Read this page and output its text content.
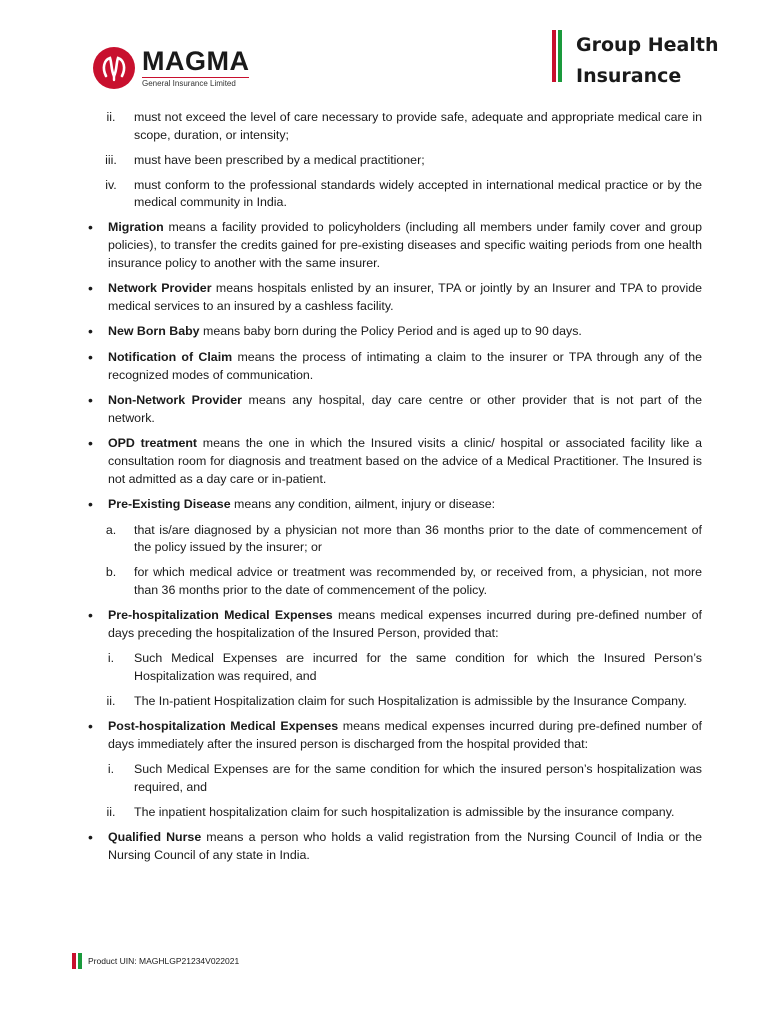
MAGMA
General Insurance Limited
Group Health
Insurance
ii.	must not exceed the level of care necessary to provide safe, adequate and appropriate medical care in scope, duration, or intensity;
iii.	must have been prescribed by a medical practitioner;
iv.	must conform to the professional standards widely accepted in international medical practice or by the medical community in India.
•	Migration means a facility provided to policyholders (including all members under family cover and group policies), to transfer the credits gained for pre-existing diseases and specific waiting periods from one health insurance policy to another with the same insurer.
•	Network Provider means hospitals enlisted by an insurer, TPA or jointly by an Insurer and TPA to provide medical services to an insured by a cashless facility.
•	New Born Baby means baby born during the Policy Period and is aged up to 90 days.
•	Notification of Claim means the process of intimating a claim to the insurer or TPA through any of the recognized modes of communication.
•	Non-Network Provider means any hospital, day care centre or other provider that is not part of the network.
•	OPD treatment means the one in which the Insured visits a clinic/ hospital or associated facility like a consultation room for diagnosis and treatment based on the advice of a Medical Practitioner. The Insured is not admitted as a day care or in-patient.
•	Pre-Existing Disease means any condition, ailment, injury or disease:
a.	that is/are diagnosed by a physician not more than 36 months prior to the date of commencement of the policy issued by the insurer; or
b.	for which medical advice or treatment was recommended by, or received from, a physician, not more than 36 months prior to the date of commencement of the policy.
•	Pre-hospitalization Medical Expenses means medical expenses incurred during pre-defined number of days preceding the hospitalization of the Insured Person, provided that:
i.	Such Medical Expenses are incurred for the same condition for which the Insured Person’s Hospitalization was required, and
ii.	The In-patient Hospitalization claim for such Hospitalization is admissible by the Insurance Company.
•	Post-hospitalization Medical Expenses means medical expenses incurred during pre-defined number of days immediately after the insured person is discharged from the hospital provided that:
i.	Such Medical Expenses are for the same condition for which the insured person’s hospitalization was required, and
ii.	The inpatient hospitalization claim for such hospitalization is admissible by the insurance company.
•	Qualified Nurse means a person who holds a valid registration from the Nursing Council of India or the Nursing Council of any state in India.
Product UIN: MAGHLGP21234V022021
